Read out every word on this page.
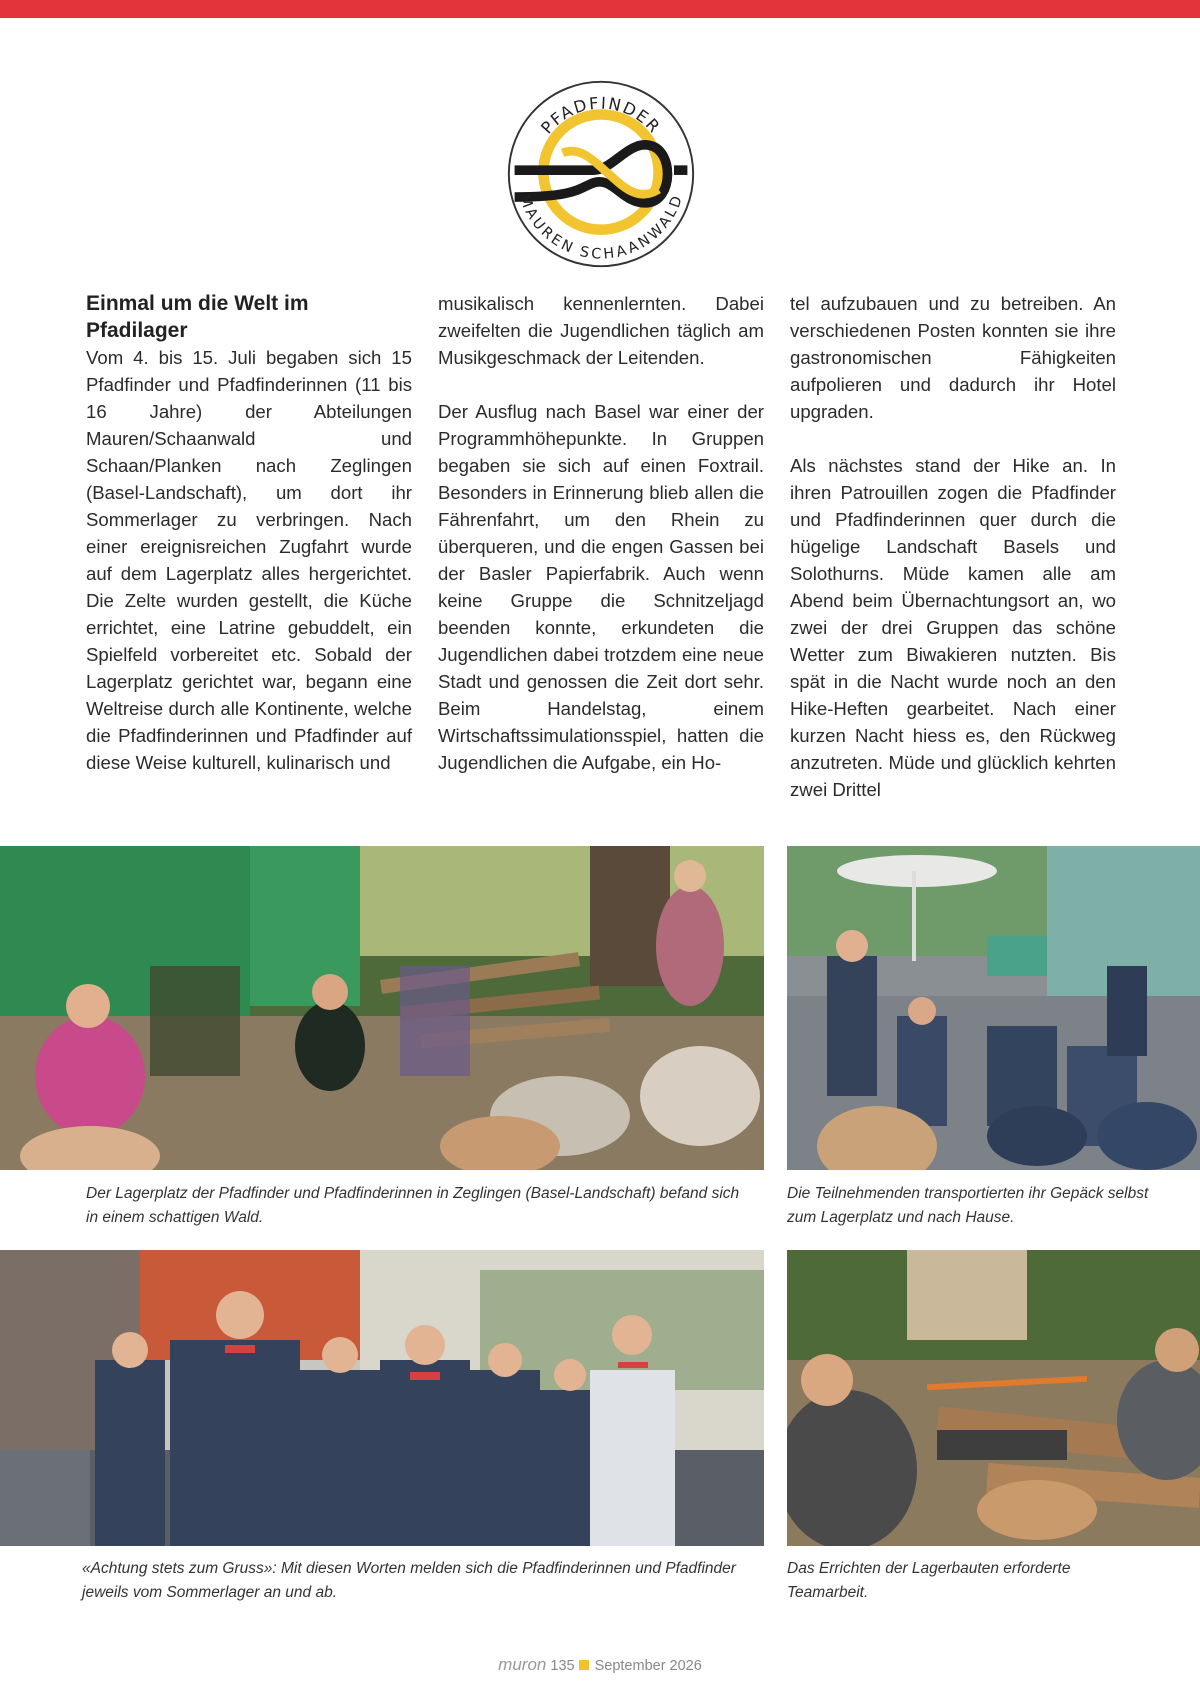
PFADFINDER
MAUREN SCHAANWALD
Einmal um die Welt im Pfadilager

Vom 4. bis 15. Juli begaben sich 15 Pfadfinder und Pfadfinderinnen (11 bis 16 Jahre) der Abteilungen Mauren/Schaanwald und Schaan/Planken nach Zeglingen (Basel-Landschaft), um dort ihr Sommerlager zu verbringen. Nach einer ereignisreichen Zugfahrt wurde auf dem Lagerplatz alles hergerichtet. Die Zelte wurden gestellt, die Küche errichtet, eine Latrine gebuddelt, ein Spielfeld vorbereitet etc. Sobald der Lagerplatz gerichtet war, begann eine Weltreise durch alle Kontinente, welche die Pfadfinderinnen und Pfadfinder auf diese Weise kulturell, kulinarisch und

musikalisch kennenlernten. Dabei zweifelten die Jugendlichen täglich am Musikgeschmack der Leitenden.

Der Ausflug nach Basel war einer der Programmhöhepunkte. In Gruppen begaben sie sich auf einen Foxtrail. Besonders in Erinnerung blieb allen die Fährenfahrt, um den Rhein zu überqueren, und die engen Gassen bei der Basler Papierfabrik. Auch wenn keine Gruppe die Schnitzeljagd beenden konnte, erkundeten die Jugendlichen dabei trotzdem eine neue Stadt und genossen die Zeit dort sehr. Beim Handelstag, einem Wirtschaftssimulationsspiel, hatten die Jugendlichen die Aufgabe, ein Ho-

tel aufzubauen und zu betreiben. An verschiedenen Posten konnten sie ihre gastronomischen Fähigkeiten aufpolieren und dadurch ihr Hotel upgraden.

Als nächstes stand der Hike an. In ihren Patrouillen zogen die Pfadfinder und Pfadfinderinnen quer durch die hügelige Landschaft Basels und Solothurns. Müde kamen alle am Abend beim Übernachtungsort an, wo zwei der drei Gruppen das schöne Wetter zum Biwakieren nutzten. Bis spät in die Nacht wurde noch an den Hike-Heften gearbeitet. Nach einer kurzen Nacht hiess es, den Rückweg anzutreten. Müde und glücklich kehrten zwei Drittel

Der Lagerplatz der Pfadfinder und Pfadfinderinnen in Zeglingen (Basel-Landschaft) befand sich in einem schattigen Wald.
Die Teilnehmenden transportierten ihr Gepäck selbst zum Lagerplatz und nach Hause.
«Achtung stets zum Gruss»: Mit diesen Worten melden sich die Pfadfinderinnen und Pfadfinder jeweils vom Sommerlager an und ab.
Das Errichten der Lagerbauten erforderte Teamarbeit.
muron 135 September 2026
